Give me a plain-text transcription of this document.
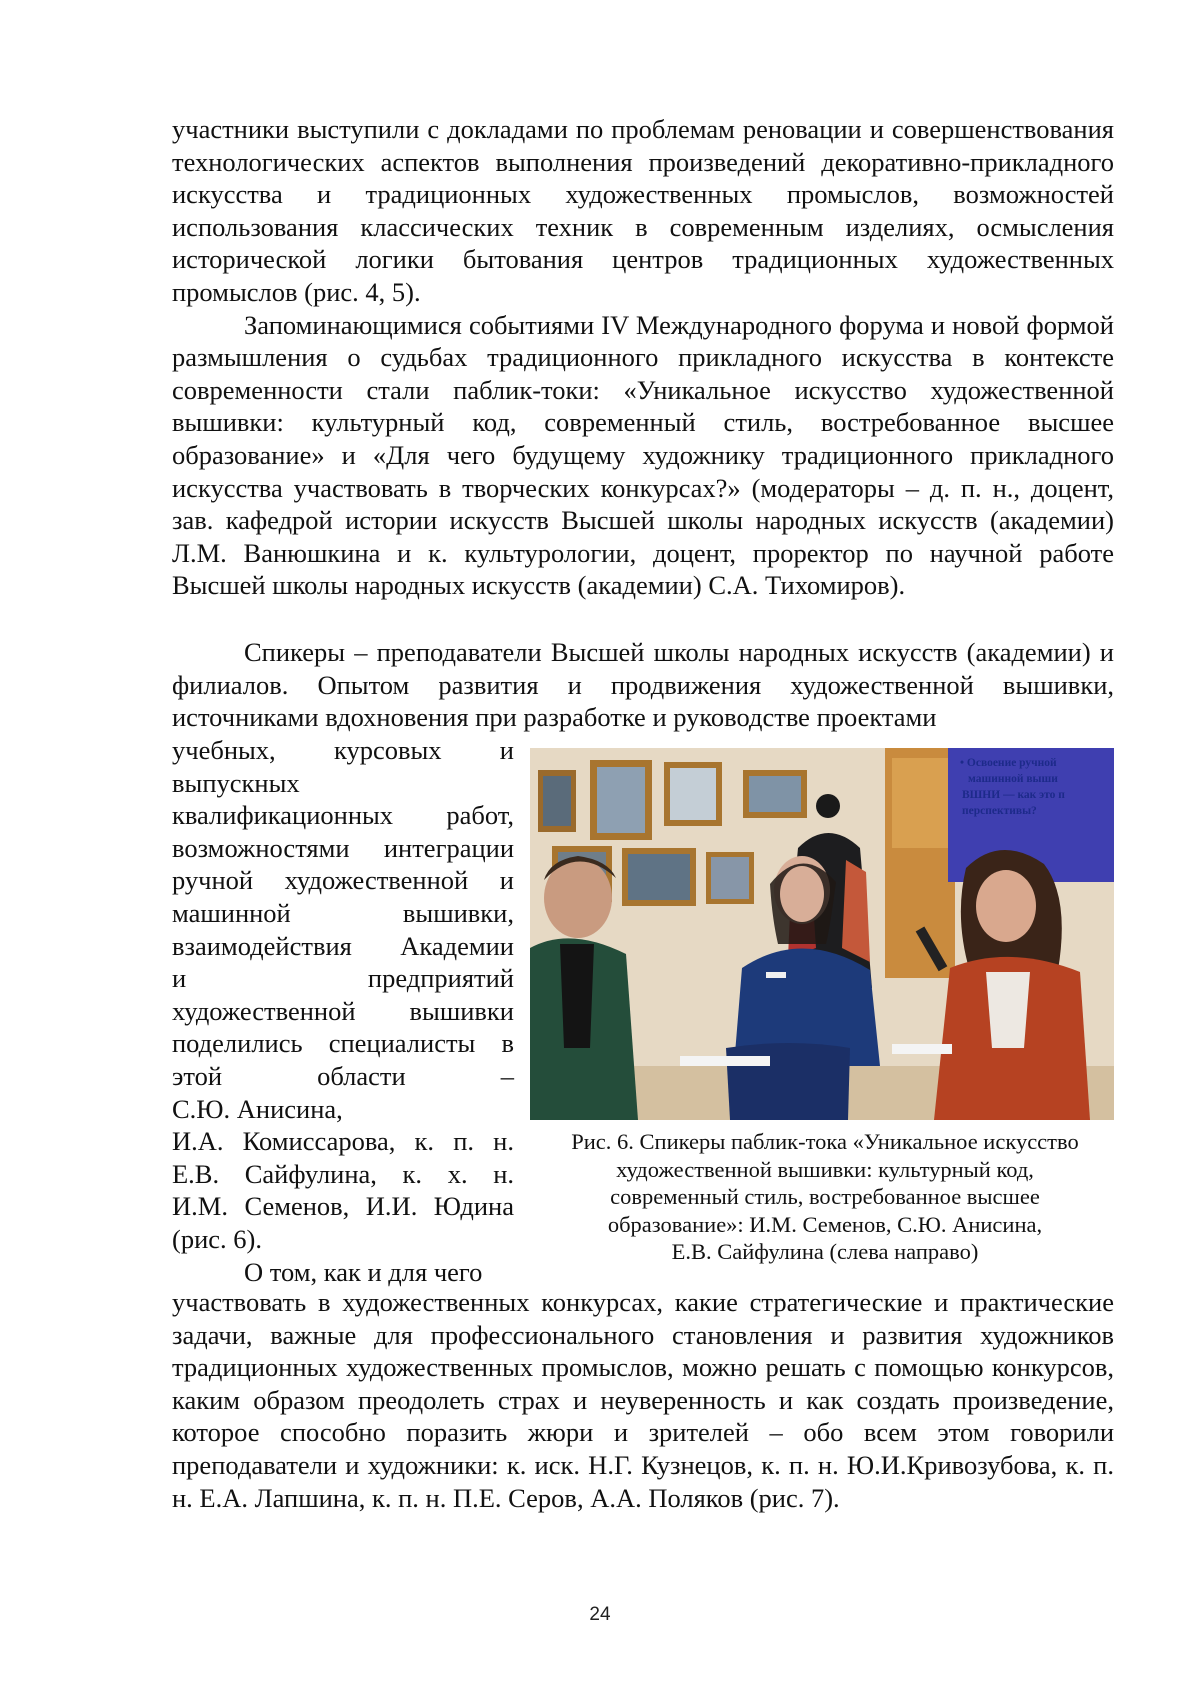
участники выступили с докладами по проблемам реновации и совершенствования технологических аспектов выполнения произведений декоративно-прикладного искусства и традиционных художественных промыслов, возможностей использования классических техник в современным изделиях, осмысления исторической логики бытования центров традиционных художественных промыслов (рис. 4, 5).

Запоминающимися событиями IV Международного форума и новой формой размышления о судьбах традиционного прикладного искусства в контексте современности стали паблик-токи: «Уникальное искусство художественной вышивки: культурный код, современный стиль, востребованное высшее образование» и «Для чего будущему художнику традиционного прикладного искусства участвовать в творческих конкурсах?» (модераторы – д. п. н., доцент, зав. кафедрой истории искусств Высшей школы народных искусств (академии) Л.М. Ванюшкина и к. культурологии, доцент, проректор по научной работе Высшей школы народных искусств (академии) С.А. Тихомиров).

Спикеры – преподаватели Высшей школы народных искусств (академии) и филиалов. Опытом развития и продвижения художественной вышивки, источниками вдохновения при разработке и руководстве проектами

учебных, курсовых и
выпускных
квалификационных работ,
возможностями интеграции
ручной художественной и
машинной вышивки,
взаимодействия Академии
и предприятий
художественной вышивки
поделились специалисты в
этой области –
С.Ю. Анисина,
И.А. Комиссарова, к. п. н.
Е.В. Сайфулина, к. х. н.
И.М. Семенов, И.И. Юдина
(рис. 6).
О том, как и для чего

участвовать в художественных конкурсах, какие стратегические и практические задачи, важные для профессионального становления и развития художников традиционных художественных промыслов, можно решать с помощью конкурсов, каким образом преодолеть страх и неуверенность и как создать произведение, которое способно поразить жюри и зрителей – обо всем этом говорили преподаватели и художники: к. иск. Н.Г. Кузнецов, к. п. н. Ю.И.Кривозубова, к. п. н. Е.А. Лапшина, к. п. н. П.Е. Серов, А.А. Поляков (рис. 7).

• Освоение ручной
машинной выши
ВШНИ — как это п
перспективы?
Рис. 6. Спикеры паблик-тока «Уникальное искусство
художественной вышивки: культурный код,
современный стиль, востребованное высшее
образование»: И.М. Семенов, С.Ю. Анисина,
Е.В. Сайфулина (слева направо)
24
